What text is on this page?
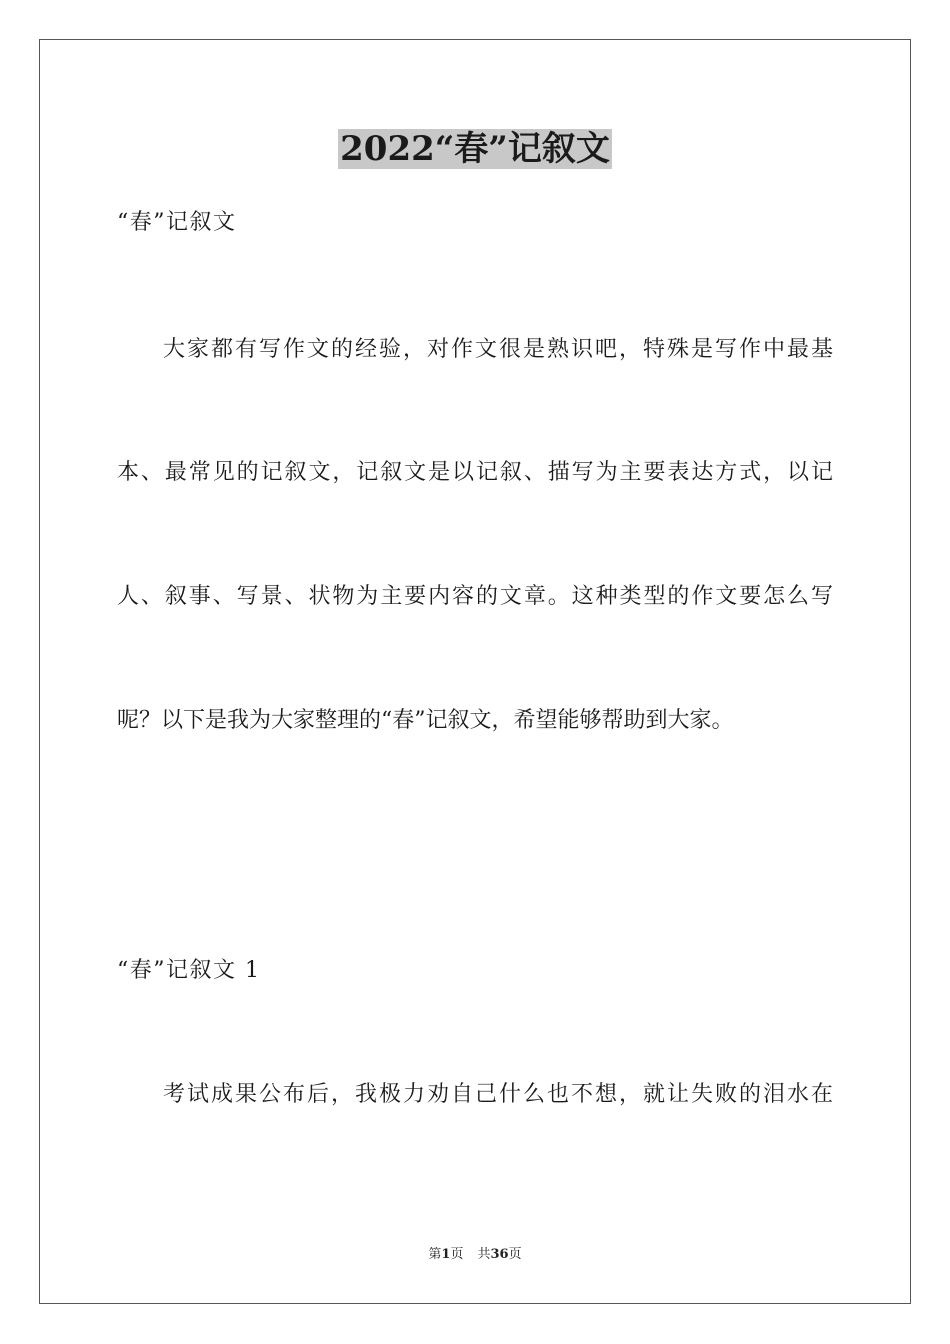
2022“春”记叙文
“春”记叙文
大家都有写作文的经验，对作文很是熟识吧，特殊是写作中最基
本、最常见的记叙文，记叙文是以记叙、描写为主要表达方式，以记
人、叙事、写景、状物为主要内容的文章。这种类型的作文要怎么写
呢？以下是我为大家整理的“春”记叙文，希望能够帮助到大家。
“春”记叙文 1
考试成果公布后，我极力劝自己什么也不想，就让失败的泪水在
第1页 共36页
